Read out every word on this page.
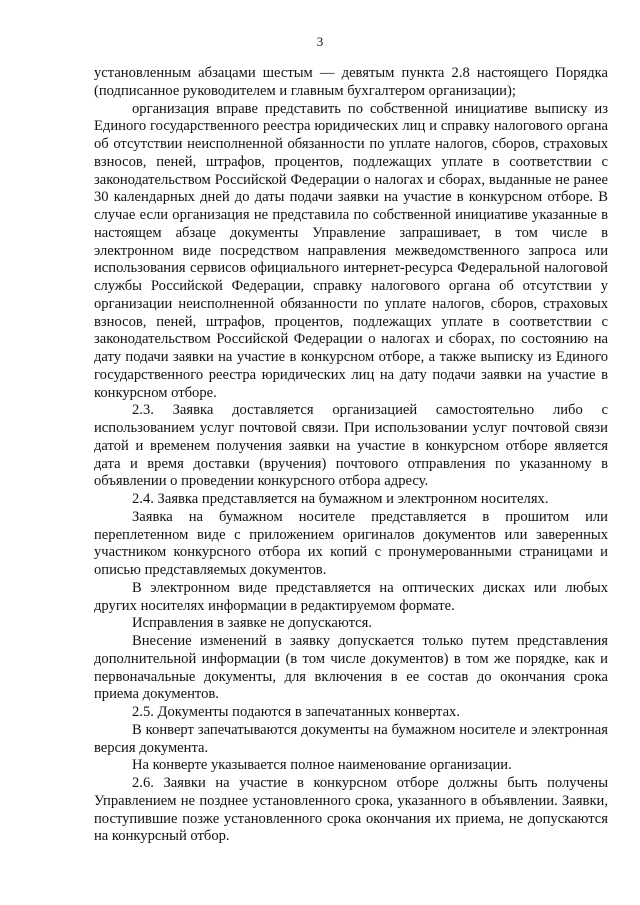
3

установленным абзацами шестым — девятым пункта 2.8 настоящего Порядка (подписанное руководителем и главным бухгалтером организации);

организация вправе представить по собственной инициативе выписку из Единого государственного реестра юридических лиц и справку налогового органа об отсутствии неисполненной обязанности по уплате налогов, сборов, страховых взносов, пеней, штрафов, процентов, подлежащих уплате в соответствии с законодательством Российской Федерации о налогах и сборах, выданные не ранее 30 календарных дней до даты подачи заявки на участие в конкурсном отборе. В случае если организация не представила по собственной инициативе указанные в настоящем абзаце документы Управление запрашивает, в том числе в электронном виде посредством направления межведомственного запроса или использования сервисов официального интернет-ресурса Федеральной налоговой службы Российской Федерации, справку налогового органа об отсутствии у организации неисполненной обязанности по уплате налогов, сборов, страховых взносов, пеней, штрафов, процентов, подлежащих уплате в соответствии с законодательством Российской Федерации о налогах и сборах, по состоянию на дату подачи заявки на участие в конкурсном отборе, а также выписку из Единого государственного реестра юридических лиц на дату подачи заявки на участие в конкурсном отборе.

2.3. Заявка доставляется организацией самостоятельно либо с использованием услуг почтовой связи. При использовании услуг почтовой связи датой и временем получения заявки на участие в конкурсном отборе является дата и время доставки (вручения) почтового отправления по указанному в объявлении о проведении конкурсного отбора адресу.

2.4. Заявка представляется на бумажном и электронном носителях.

Заявка на бумажном носителе представляется в прошитом или переплетенном виде с приложением оригиналов документов или заверенных участником конкурсного отбора их копий с пронумерованными страницами и описью представляемых документов.

В электронном виде представляется на оптических дисках или любых других носителях информации в редактируемом формате.

Исправления в заявке не допускаются.

Внесение изменений в заявку допускается только путем представления дополнительной информации (в том числе документов) в том же порядке, как и первоначальные документы, для включения в ее состав до окончания срока приема документов.

2.5. Документы подаются в запечатанных конвертах.

В конверт запечатываются документы на бумажном носителе и электронная версия документа.

На конверте указывается полное наименование организации.

2.6. Заявки на участие в конкурсном отборе должны быть получены Управлением не позднее установленного срока, указанного в объявлении. Заявки, поступившие позже установленного срока окончания их приема, не допускаются на конкурсный отбор.
